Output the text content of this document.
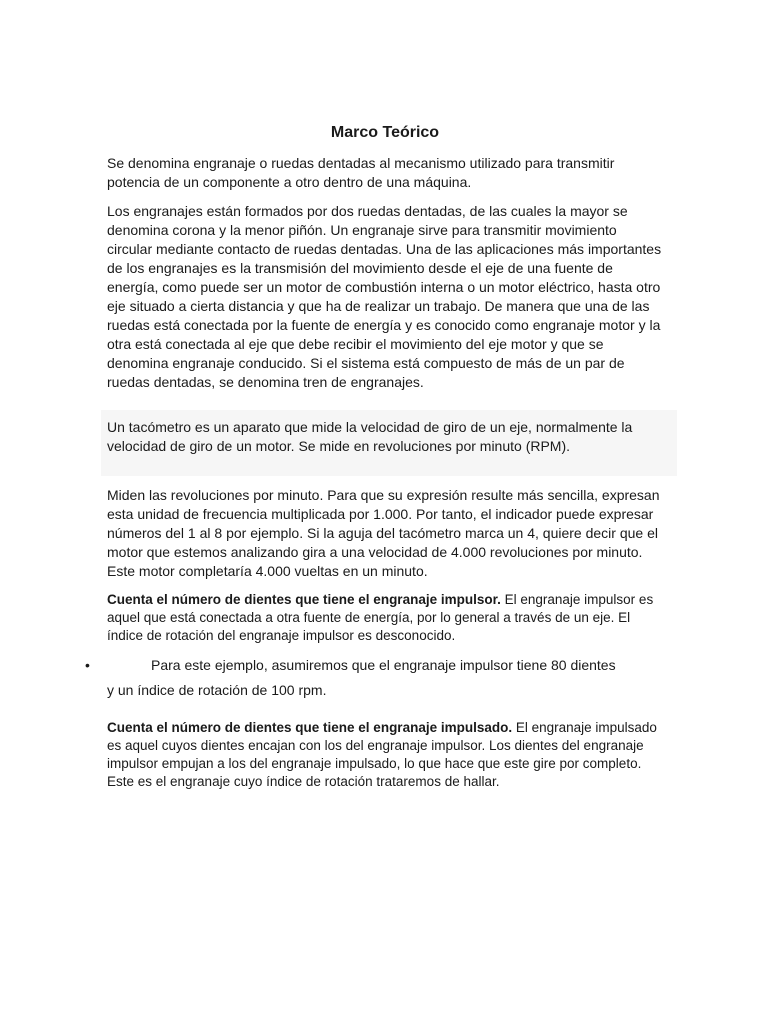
Marco Teórico

Se denomina engranaje o ruedas dentadas al mecanismo utilizado para transmitir potencia de un componente a otro dentro de una máquina.

Los engranajes están formados por dos ruedas dentadas, de las cuales la mayor se denomina corona y la menor piñón. Un engranaje sirve para transmitir movimiento circular mediante contacto de ruedas dentadas. Una de las aplicaciones más importantes de los engranajes es la transmisión del movimiento desde el eje de una fuente de energía, como puede ser un motor de combustión interna o un motor eléctrico, hasta otro eje situado a cierta distancia y que ha de realizar un trabajo. De manera que una de las ruedas está conectada por la fuente de energía y es conocido como engranaje motor y la otra está conectada al eje que debe recibir el movimiento del eje motor y que se denomina engranaje conducido. Si el sistema está compuesto de más de un par de ruedas dentadas, se denomina tren de engranajes.

Un tacómetro es un aparato que mide la velocidad de giro de un eje, normalmente la velocidad de giro de un motor. Se mide en revoluciones por minuto (RPM).

Miden las revoluciones por minuto. Para que su expresión resulte más sencilla, expresan esta unidad de frecuencia multiplicada por 1.000. Por tanto, el indicador puede expresar números del 1 al 8 por ejemplo. Si la aguja del tacómetro marca un 4, quiere decir que el motor que estemos analizando gira a una velocidad de 4.000 revoluciones por minuto. Este motor completaría 4.000 vueltas en un minuto.

Cuenta el número de dientes que tiene el engranaje impulsor. El engranaje impulsor es aquel que está conectada a otra fuente de energía, por lo general a través de un eje. El índice de rotación del engranaje impulsor es desconocido.

•	Para este ejemplo, asumiremos que el engranaje impulsor tiene 80 dientes
y un índice de rotación de 100 rpm.

Cuenta el número de dientes que tiene el engranaje impulsado. El engranaje impulsado es aquel cuyos dientes encajan con los del engranaje impulsor. Los dientes del engranaje impulsor empujan a los del engranaje impulsado, lo que hace que este gire por completo. Este es el engranaje cuyo índice de rotación trataremos de hallar.
